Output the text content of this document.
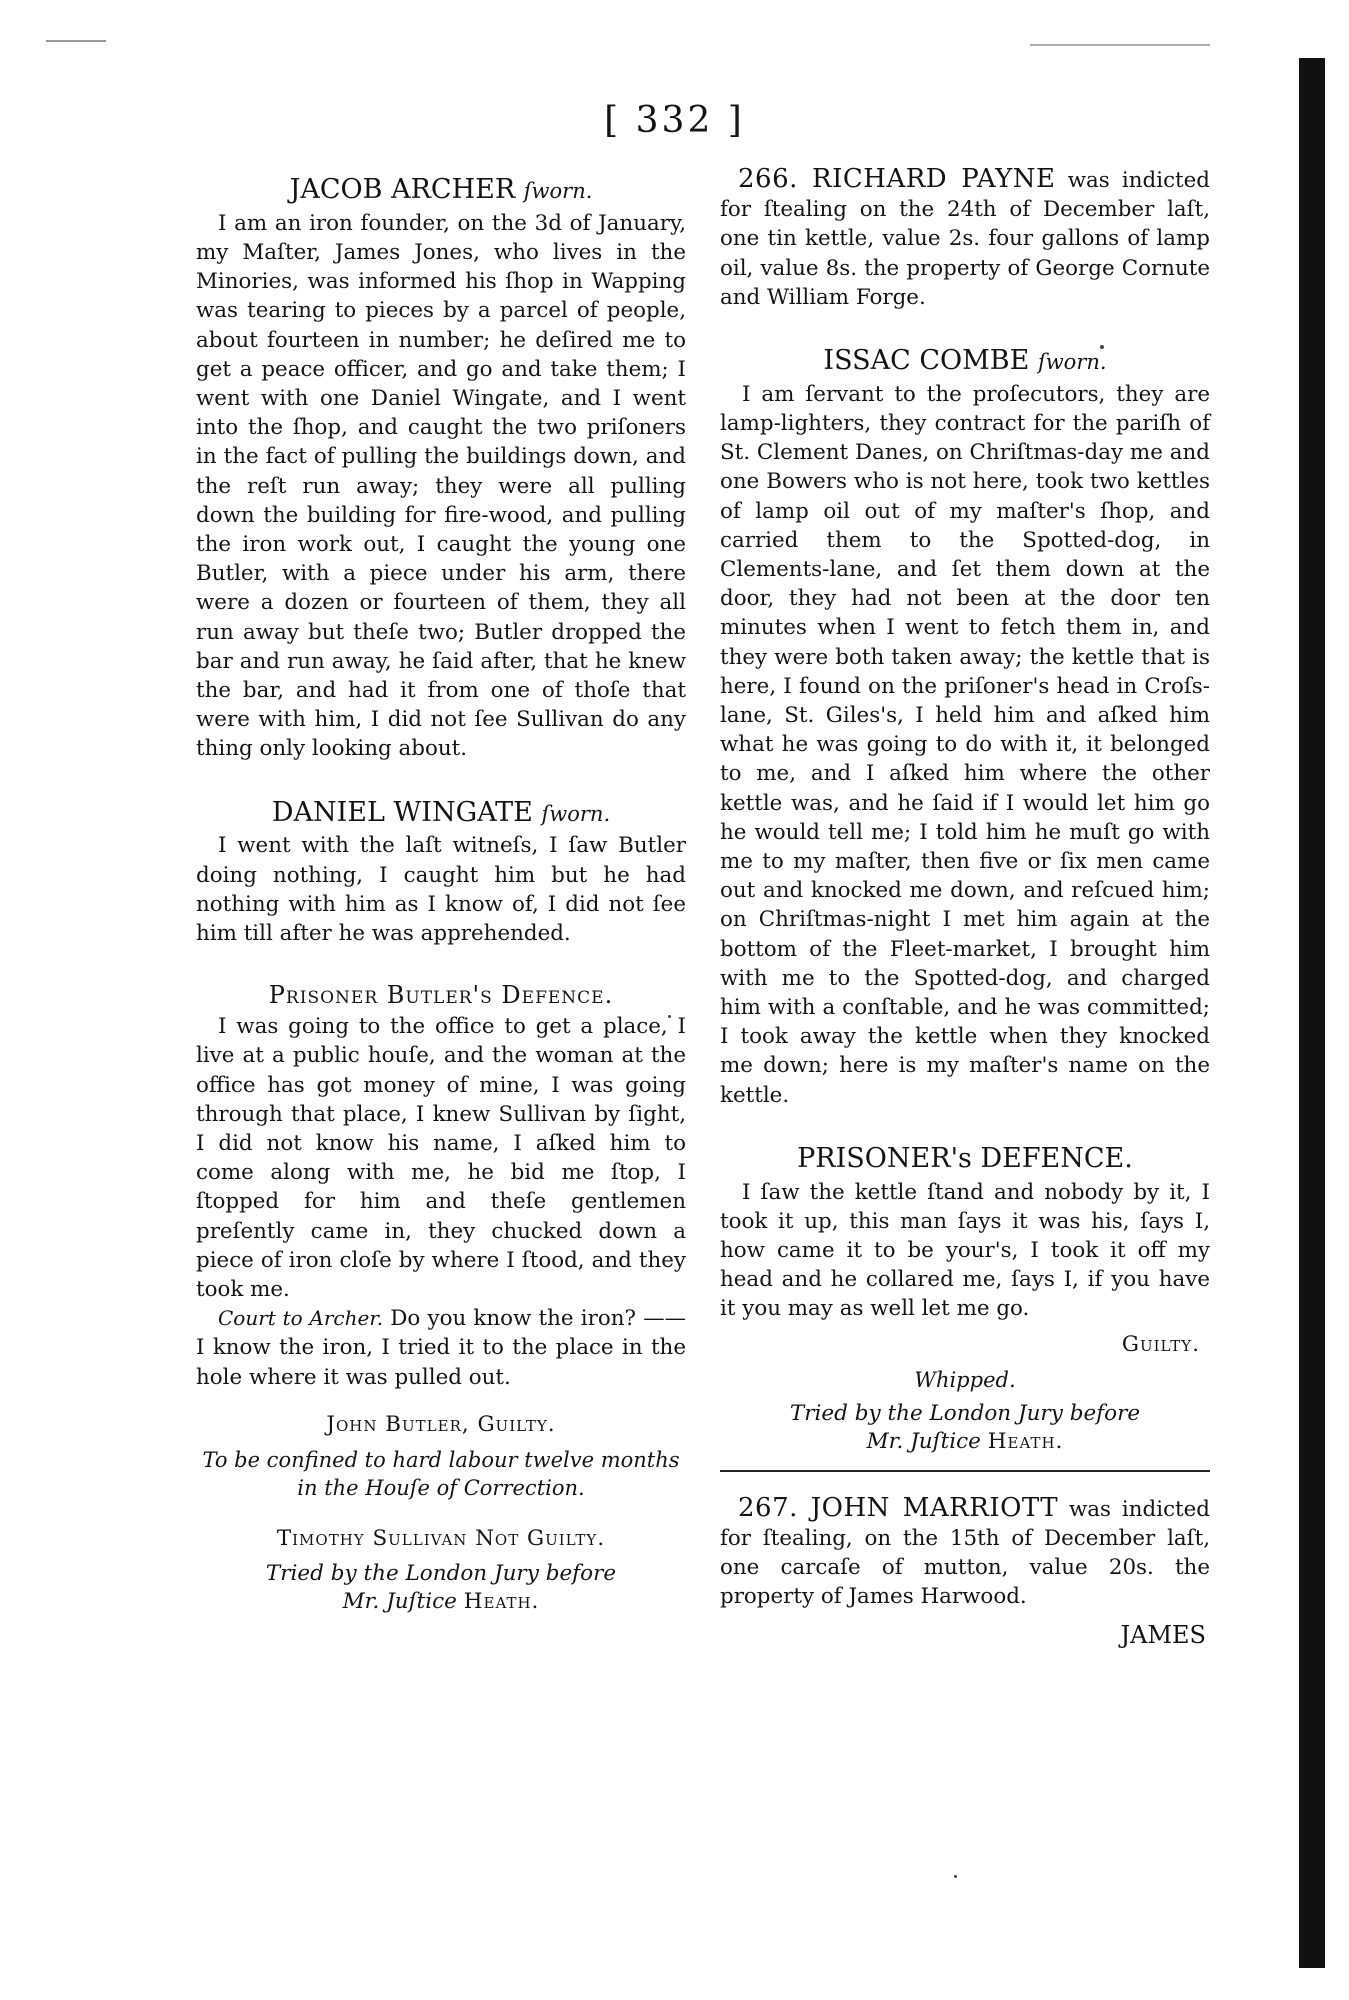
[ 332 ]
JACOB ARCHER ſworn.

I am an iron founder, on the 3d of January, my Maſter, James Jones, who lives in the Minories, was informed his ſhop in Wapping was tearing to pieces by a parcel of people, about fourteen in number; he deſired me to get a peace officer, and go and take them; I went with one Daniel Wingate, and I went into the ſhop, and caught the two priſoners in the fact of pulling the buildings down, and the reſt run away; they were all pulling down the building for fire-wood, and pulling the iron work out, I caught the young one Butler, with a piece under his arm, there were a dozen or fourteen of them, they all run away but theſe two; Butler dropped the bar and run away, he ſaid after, that he knew the bar, and had it from one of thoſe that were with him, I did not ſee Sullivan do any thing only looking about.

DANIEL WINGATE ſworn.

I went with the laſt witneſs, I ſaw Butler doing nothing, I caught him but he had nothing with him as I know of, I did not ſee him till after he was apprehended.

Prisoner Butler's Defence.

I was going to the office to get a place, I live at a public houſe, and the woman at the office has got money of mine, I was going through that place, I knew Sullivan by ſight, I did not know his name, I aſked him to come along with me, he bid me ſtop, I ſtopped for him and theſe gentlemen preſently came in, they chucked down a piece of iron cloſe by where I ſtood, and they took me.

Court to Archer. Do you know the iron? ——I know the iron, I tried it to the place in the hole where it was pulled out.

John Butler, Guilty.
To be confined to hard labour twelve months in the Houſe of Correction.
Timothy Sullivan Not Guilty.
Tried by the London Jury before
Mr. Juſtice Heath.

266. RICHARD PAYNE was indicted for ſtealing on the 24th of December laſt, one tin kettle, value 2s. four gallons of lamp oil, value 8s. the property of George Cornute and William Forge.

ISSAC COMBE ſworn.

I am ſervant to the proſecutors, they are lamp-lighters, they contract for the pariſh of St. Clement Danes, on Chriſtmas-day me and one Bowers who is not here, took two kettles of lamp oil out of my maſter's ſhop, and carried them to the Spotted-dog, in Clements-lane, and ſet them down at the door, they had not been at the door ten minutes when I went to fetch them in, and they were both taken away; the kettle that is here, I found on the priſoner's head in Croſs-lane, St. Giles's, I held him and aſked him what he was going to do with it, it belonged to me, and I aſked him where the other kettle was, and he ſaid if I would let him go he would tell me; I told him he muſt go with me to my maſter, then five or ſix men came out and knocked me down, and reſcued him; on Chriſtmas-night I met him again at the bottom of the Fleet-market, I brought him with me to the Spotted-dog, and charged him with a conſtable, and he was committed; I took away the kettle when they knocked me down; here is my maſter's name on the kettle.

PRISONER's DEFENCE.

I ſaw the kettle ſtand and nobody by it, I took it up, this man ſays it was his, ſays I, how came it to be your's, I took it off my head and he collared me, ſays I, if you have it you may as well let me go.

Guilty.
Whipped.
Tried by the London Jury before
Mr. Juſtice Heath.

267. JOHN MARRIOTT was indicted for ſtealing, on the 15th of December laſt, one carcaſe of mutton, value 20s. the property of James Harwood.

JAMES
